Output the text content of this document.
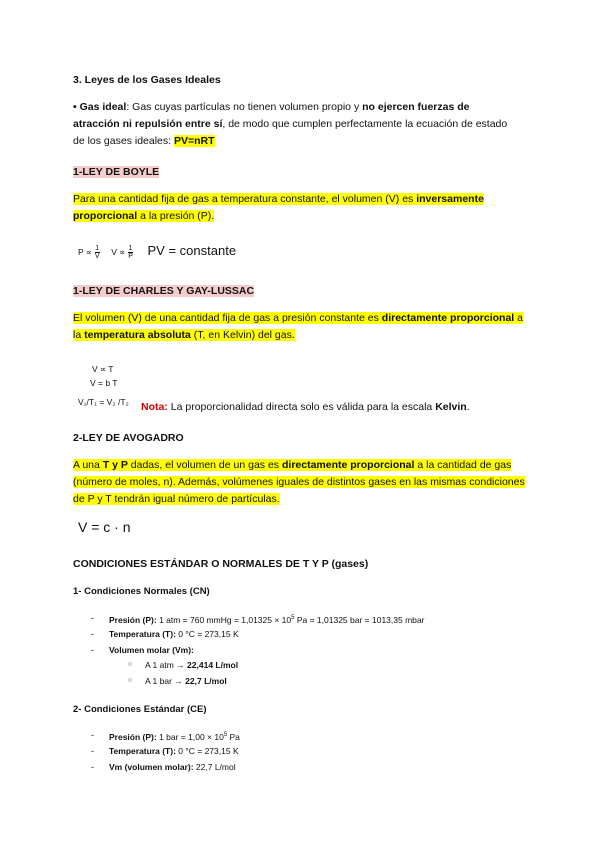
3. Leyes de los Gases Ideales
• Gas ideal: Gas cuyas partículas no tienen volumen propio y no ejercen fuerzas de atracción ni repulsión entre sí, de modo que cumplen perfectamente la ecuación de estado de los gases ideales: PV=nRT
1-LEY DE BOYLE
Para una cantidad fija de gas a temperatura constante, el volumen (V) es inversamente proporcional a la presión (P).
$P \propto \frac{1}{V}$ $V \propto \frac{1}{P}$ PV = constante
1-LEY DE CHARLES Y GAY-LUSSAC
El volumen (V) de una cantidad fija de gas a presión constante es directamente proporcional a la temperatura absoluta (T, en Kelvin) del gas.
V ∝ T
V = b T
V₁/T₁ = V₂ /T₂ Nota: La proporcionalidad directa solo es válida para la escala Kelvin.
2-LEY DE AVOGADRO
A una T y P dadas, el volumen de un gas es directamente proporcional a la cantidad de gas (número de moles, n). Además, volúmenes iguales de distintos gases en las mismas condiciones de P y T tendrán igual número de partículas.
V = c · n
CONDICIONES ESTÁNDAR O NORMALES DE T Y P (gases)
1- Condiciones Normales (CN)
- Presión (P): 1 atm = 760 mmHg = $1,01325 \times 10^5$ Pa = 1,01325 bar = 1013,35 mbar
- Temperatura (T): 0 °C = 273,15 K
- Volumen molar (Vm):
○ A 1 atm → 22,414 L/mol
○ A 1 bar → 22,7 L/mol
2- Condiciones Estándar (CE)
- Presión (P): 1 bar = $1,00 \times 10^5$ Pa
- Temperatura (T): 0 °C = 273,15 K
- Vm (volumen molar): 22,7 L/mol
